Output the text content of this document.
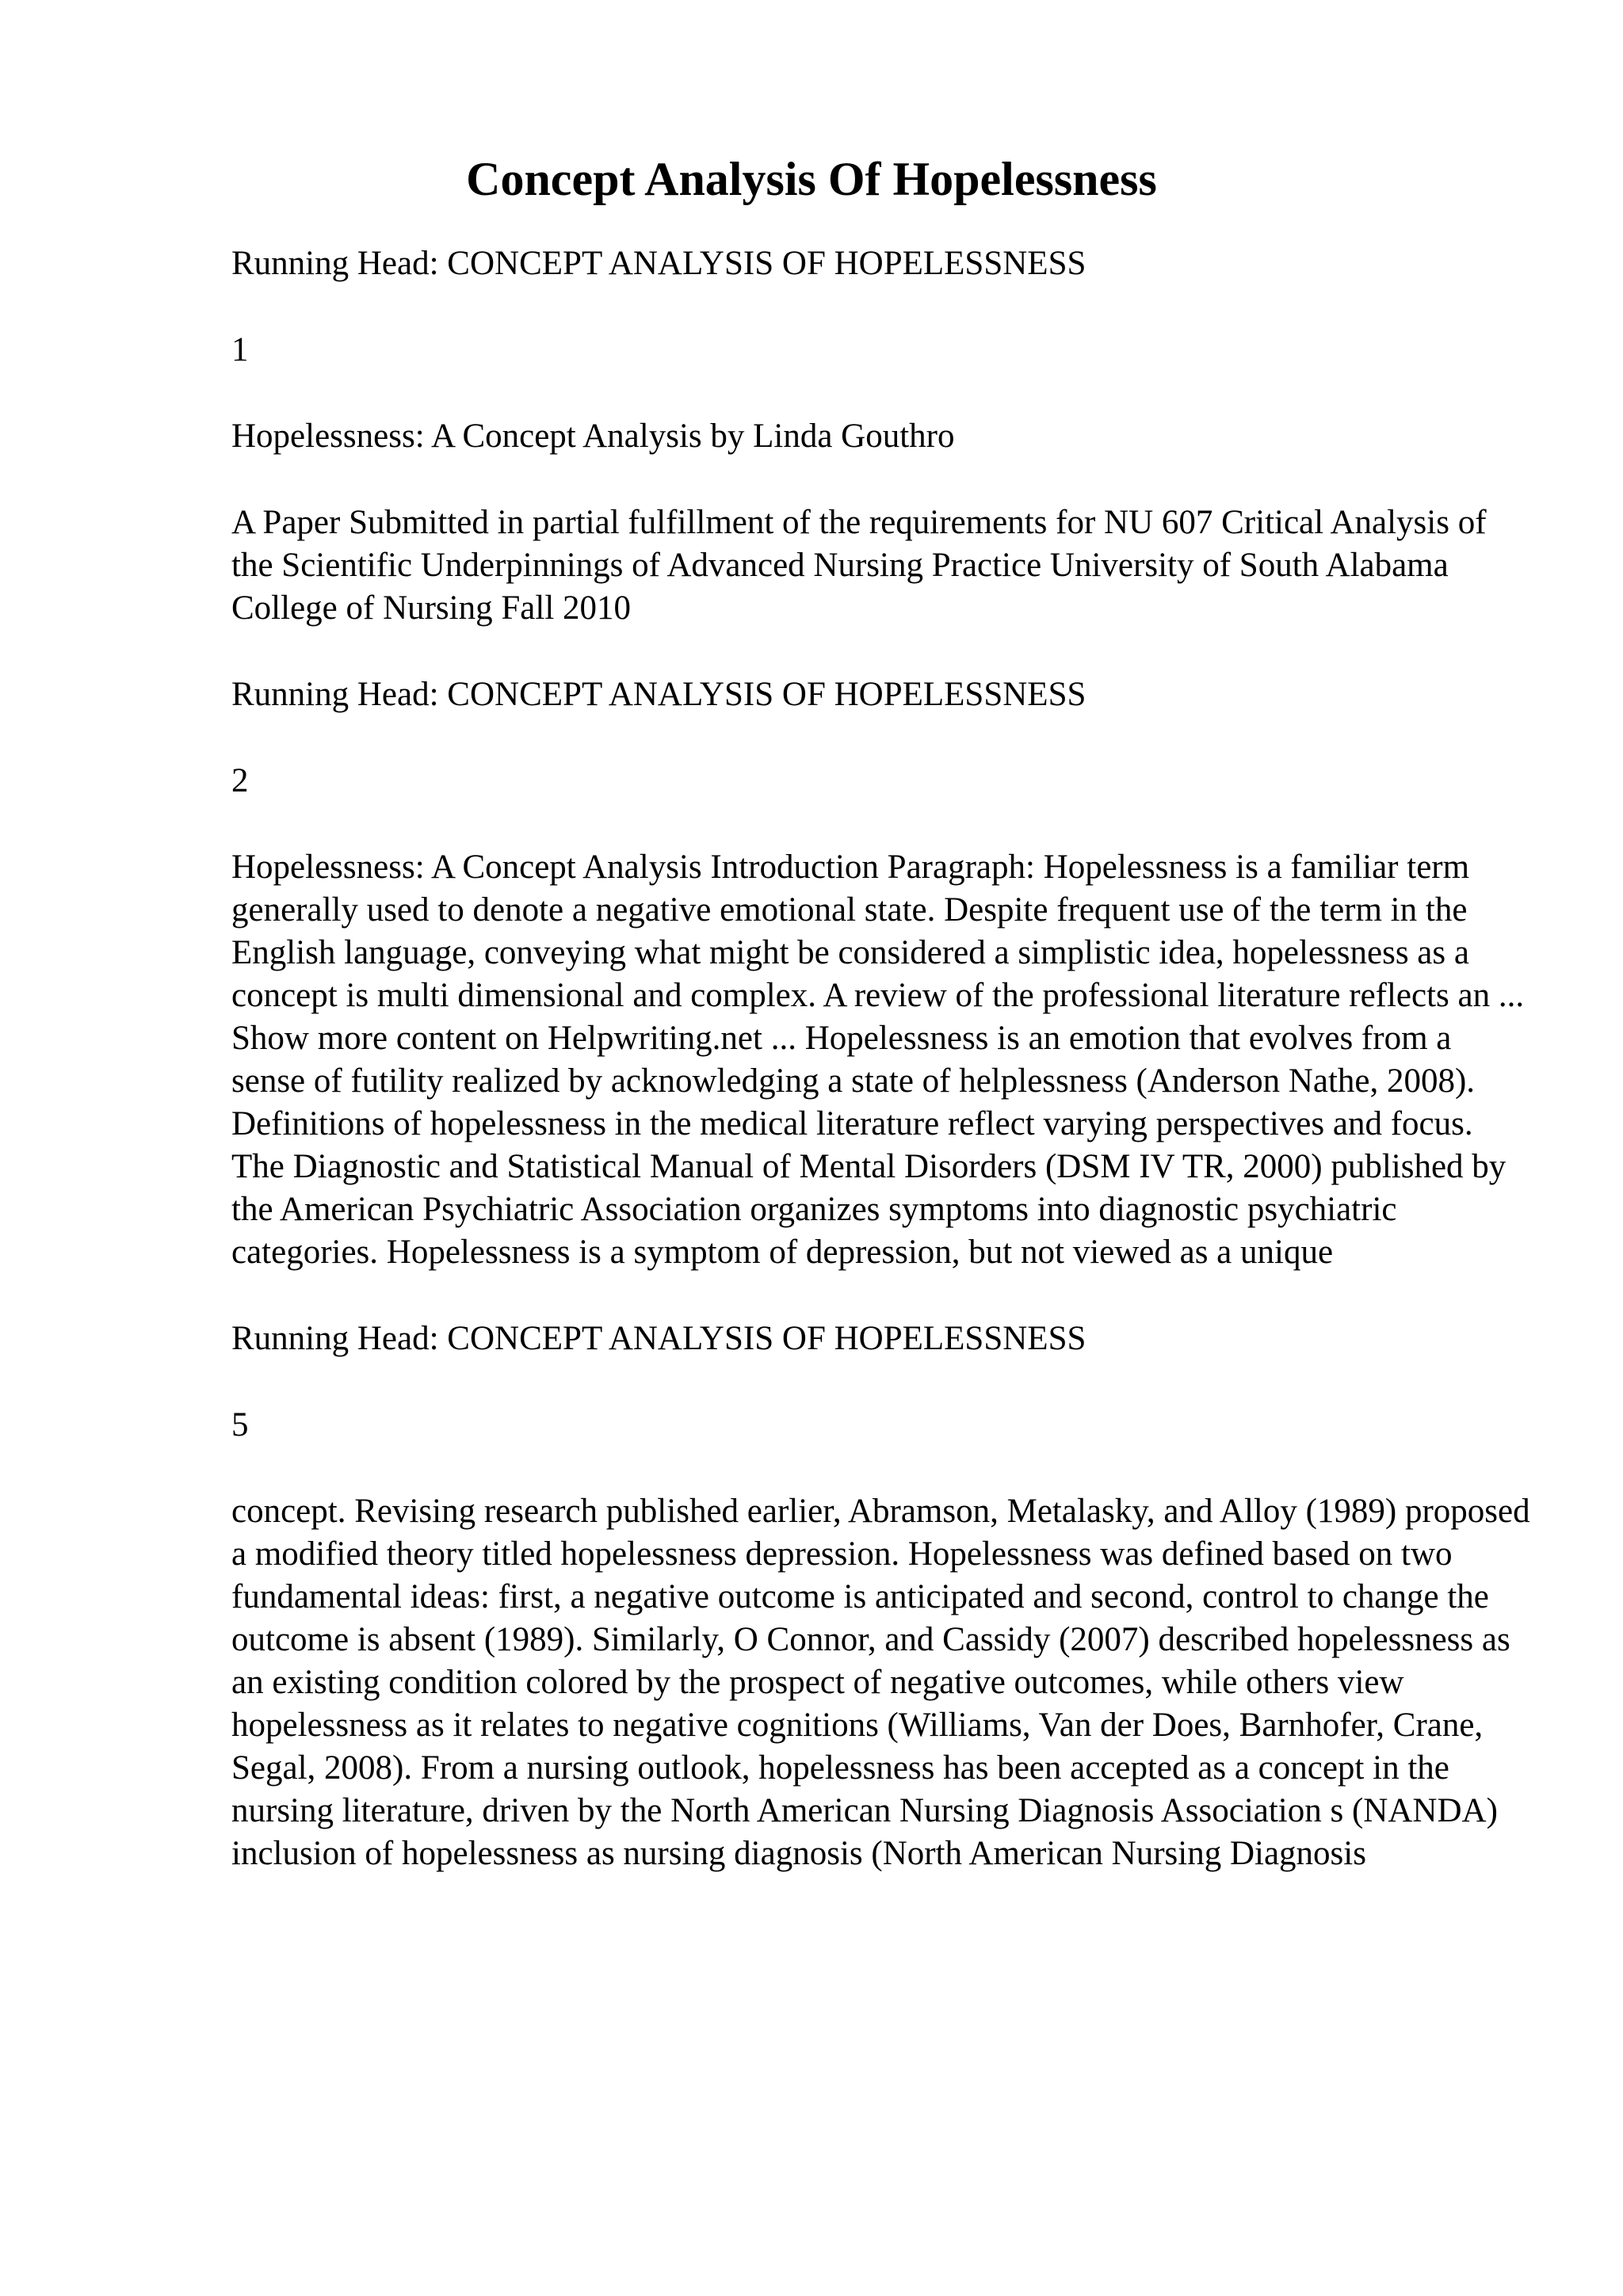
Concept Analysis Of Hopelessness

Running Head: CONCEPT ANALYSIS OF HOPELESSNESS

1

Hopelessness: A Concept Analysis by Linda Gouthro

A Paper Submitted in partial fulfillment of the requirements for NU 607 Critical Analysis of the Scientific Underpinnings of Advanced Nursing Practice University of South Alabama College of Nursing Fall 2010

Running Head: CONCEPT ANALYSIS OF HOPELESSNESS

2

Hopelessness: A Concept Analysis Introduction Paragraph: Hopelessness is a familiar term generally used to denote a negative emotional state. Despite frequent use of the term in the English language, conveying what might be considered a simplistic idea, hopelessness as a concept is multi dimensional and complex. A review of the professional literature reflects an ... Show more content on Helpwriting.net ... Hopelessness is an emotion that evolves from a sense of futility realized by acknowledging a state of helplessness (Anderson Nathe, 2008). Definitions of hopelessness in the medical literature reflect varying perspectives and focus. The Diagnostic and Statistical Manual of Mental Disorders (DSM IV TR, 2000) published by the American Psychiatric Association organizes symptoms into diagnostic psychiatric categories. Hopelessness is a symptom of depression, but not viewed as a unique

Running Head: CONCEPT ANALYSIS OF HOPELESSNESS

5

concept. Revising research published earlier, Abramson, Metalasky, and Alloy (1989) proposed a modified theory titled hopelessness depression. Hopelessness was defined based on two fundamental ideas: first, a negative outcome is anticipated and second, control to change the outcome is absent (1989). Similarly, O Connor, and Cassidy (2007) described hopelessness as an existing condition colored by the prospect of negative outcomes, while others view hopelessness as it relates to negative cognitions (Williams, Van der Does, Barnhofer, Crane, Segal, 2008). From a nursing outlook, hopelessness has been accepted as a concept in the nursing literature, driven by the North American Nursing Diagnosis Association s (NANDA) inclusion of hopelessness as nursing diagnosis (North American Nursing Diagnosis
